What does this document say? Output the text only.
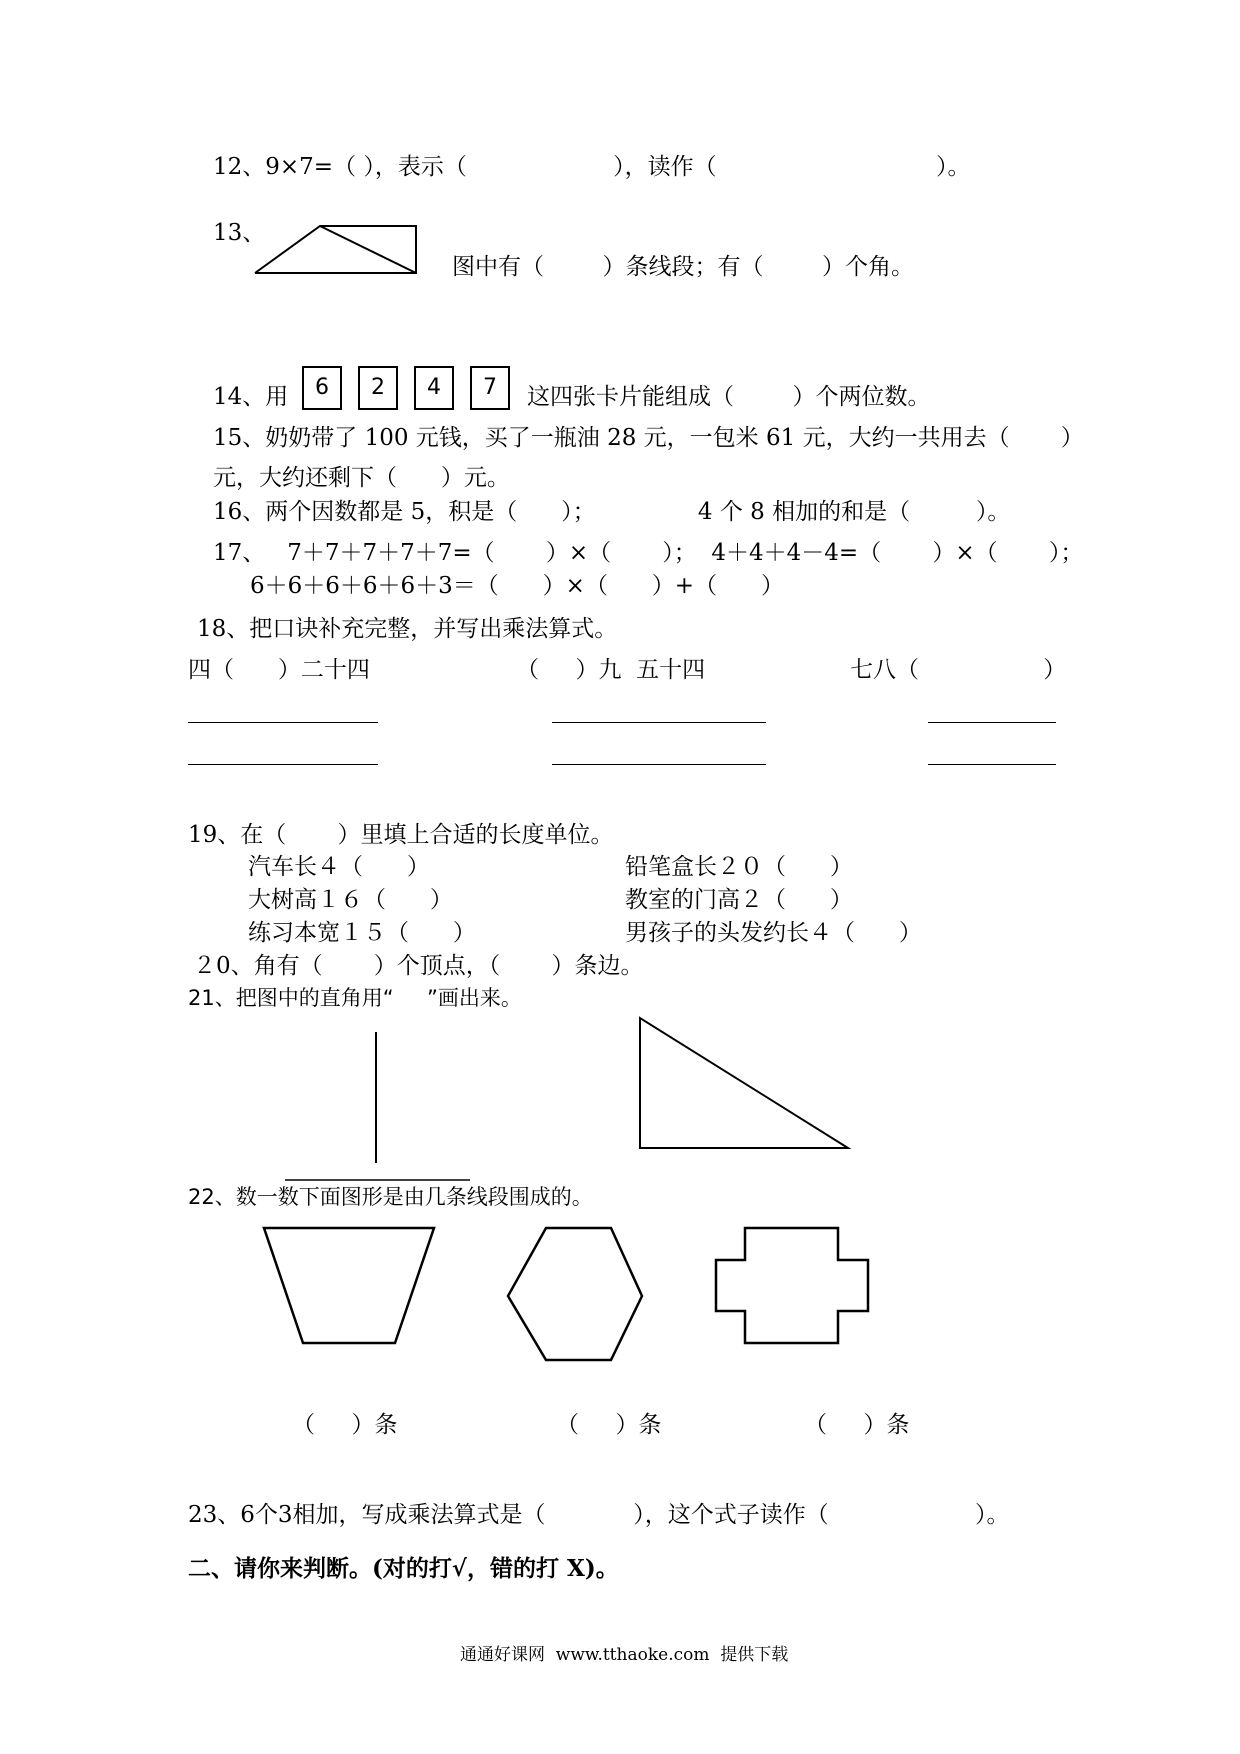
12、9×7=（ ），表示（                    ），读作（                              ）。
13、
图中有（        ）条线段；有（        ）个角。
14、用	6	2	4	7	这四张卡片能组成（        ）个两位数。
15、奶奶带了 100 元钱，买了一瓶油 28 元，一包米 61 元，大约一共用去（       ）
元，大约还剩下（      ）元。
16、两个因数都是 5，积是（      ）；              4 个 8 相加的和是（         ）。
17、   7＋7＋7＋7＋7=（       ）×（       ）；  4＋4＋4－4=（       ）×（       ）；
6＋6＋6＋6＋6＋3＝（      ）×（      ）+（      ）
18、把口诀补充完整，并写出乘法算式。
四（      ）二十四	（     ）九  五十四	七八（                 ）
19、在（       ）里填上合适的长度单位。
汽车长４（      ）	铅笔盒长２０（      ）
大树高１６（      ）	教室的门高２（      ）
练习本宽１５（      ）	男孩子的头发约长４（      ）
２0、角有（       ）个顶点，（       ）条边。
21、把图中的直角用“     ”画出来。
22、数一数下面图形是由几条线段围成的。
（     ）条	（     ）条	（     ）条
23、6个3相加，写成乘法算式是（            ），这个式子读作（                    ）。
二、请你来判断。(对的打√，错的打 X)。
通通好课网  www.tthaoke.com  提供下载
